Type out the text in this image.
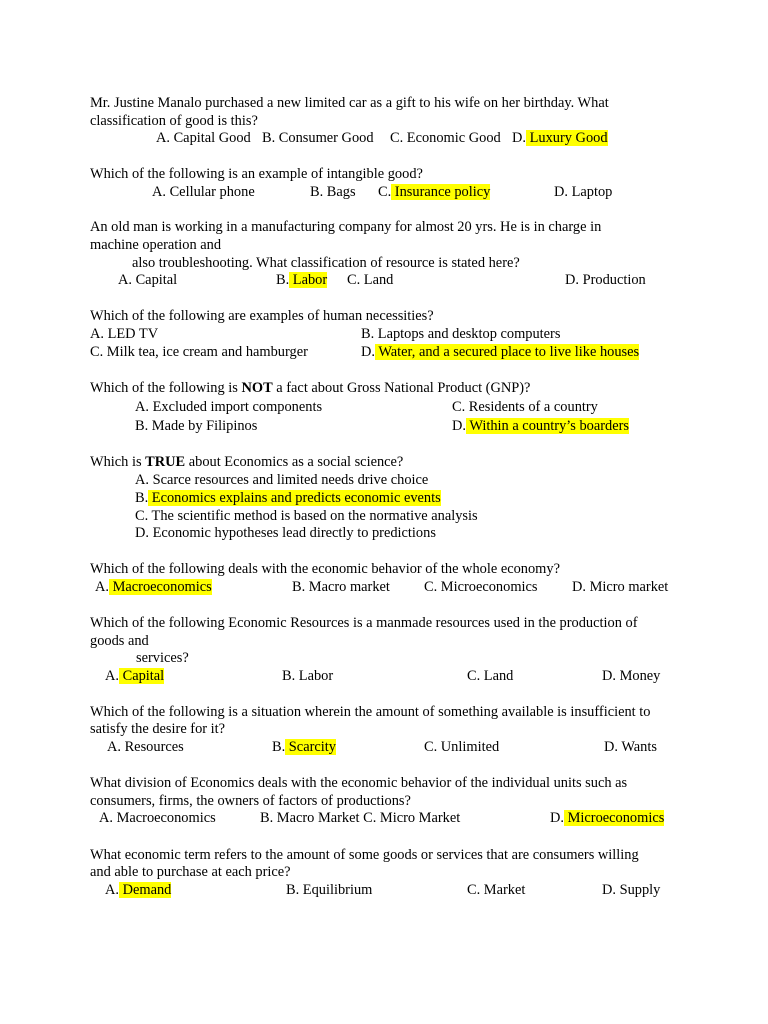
Mr. Justine Manalo purchased a new limited car as a gift to his wife on her birthday. What
classification of good is this?
A. Capital Good B. Consumer Good C. Economic Good D. Luxury Good
Which of the following is an example of intangible good?
A. Cellular phone	B. Bags C. Insurance policy	D. Laptop
An old man is working in a manufacturing company for almost 20 yrs. He is in charge in
machine operation and
also troubleshooting. What classification of resource is stated here?
A. Capital	B. Labor C. Land	D. Production
Which of the following are examples of human necessities?
A. LED TV	B. Laptops and desktop computers
C. Milk tea, ice cream and hamburger	D. Water, and a secured place to live like houses
Which of the following is NOT a fact about Gross National Product (GNP)?
A. Excluded import components	C. Residents of a country
B. Made by Filipinos	D. Within a country’s boarders
Which is TRUE about Economics as a social science?
A. Scarce resources and limited needs drive choice
B. Economics explains and predicts economic events
C. The scientific method is based on the normative analysis
D. Economic hypotheses lead directly to predictions
Which of the following deals with the economic behavior of the whole economy?
A. Macroeconomics	B. Macro market C. Microeconomics D. Micro market
Which of the following Economic Resources is a manmade resources used in the production of
goods and
services?
A. Capital	B. Labor	C. Land	D. Money
Which of the following is a situation wherein the amount of something available is insufficient to
satisfy the desire for it?
A. Resources	B. Scarcity	C. Unlimited	D. Wants
What division of Economics deals with the economic behavior of the individual units such as
consumers, firms, the owners of factors of productions?
A. Macroeconomics	B. Macro Market C. Micro Market	D. Microeconomics
What economic term refers to the amount of some goods or services that are consumers willing
and able to purchase at each price?
A. Demand	B. Equilibrium	C. Market	D. Supply
